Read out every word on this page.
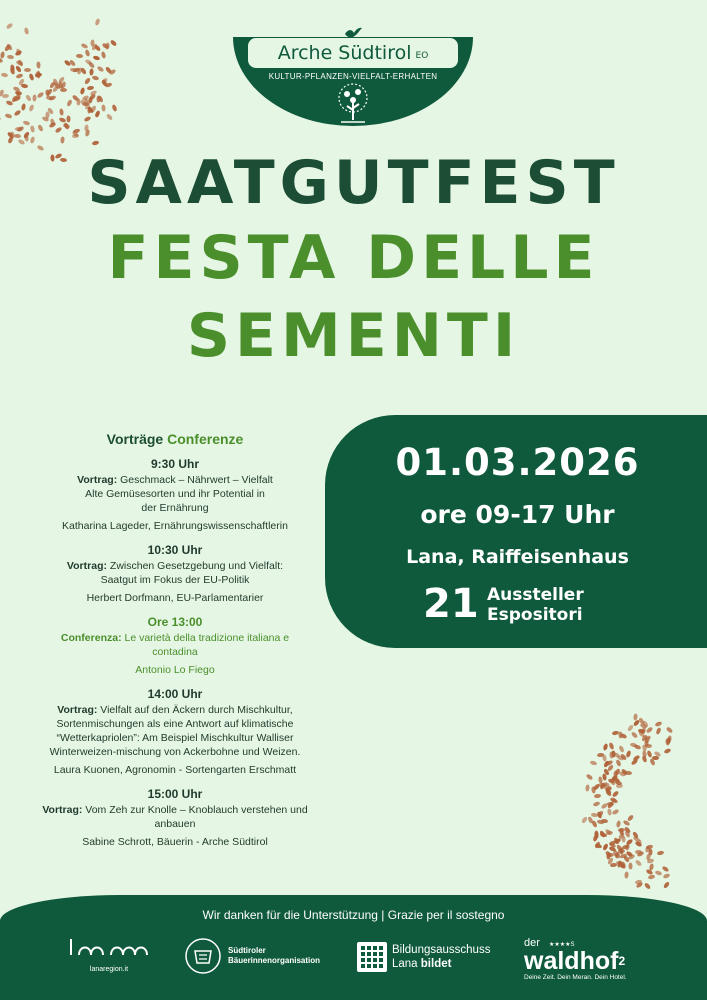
Arche Südtirol EO
KULTUR-PFLANZEN-VIELFALT-ERHALTEN
SAATGUTFEST
FESTA DELLE
SEMENTI
Vorträge Conferenze
9:30 Uhr
Vortrag: Geschmack – Nährwert – Vielfalt
Alte Gemüsesorten und ihr Potential in der Ernährung
Katharina Lageder, Ernährungswissenschaftlerin
10:30 Uhr
Vortrag: Zwischen Gesetzgebung und Vielfalt:
Saatgut im Fokus der EU-Politik
Herbert Dorfmann, EU-Parlamentarier
Ore 13:00
Conferenza: Le varietà della tradizione italiana e contadina
Antonio Lo Fiego
14:00 Uhr
Vortrag: Vielfalt auf den Äckern durch Mischkultur, Sortenmischungen als eine Antwort auf klimatische “Wetterkapriolen”: Am Beispiel Mischkultur Walliser Winterweizen-mischung von Ackerbohne und Weizen.
Laura Kuonen, Agronomin - Sortengarten Erschmatt
15:00 Uhr
Vortrag: Vom Zeh zur Knolle – Knoblauch verstehen und anbauen
Sabine Schrott, Bäuerin - Arche Südtirol
01.03.2026
ore 09-17 Uhr
Lana, Raiffeisenhaus
21 Aussteller
Espositori
Wir danken für die Unterstützung | Grazie per il sostegno
lanaregion.it
Südtiroler
Bäuerinnenorganisation
Bildungsausschuss
Lana bildet
der ★★★★S
waldhof$^2$
Deine Zeit. Dein Meran. Dein Hotel.
